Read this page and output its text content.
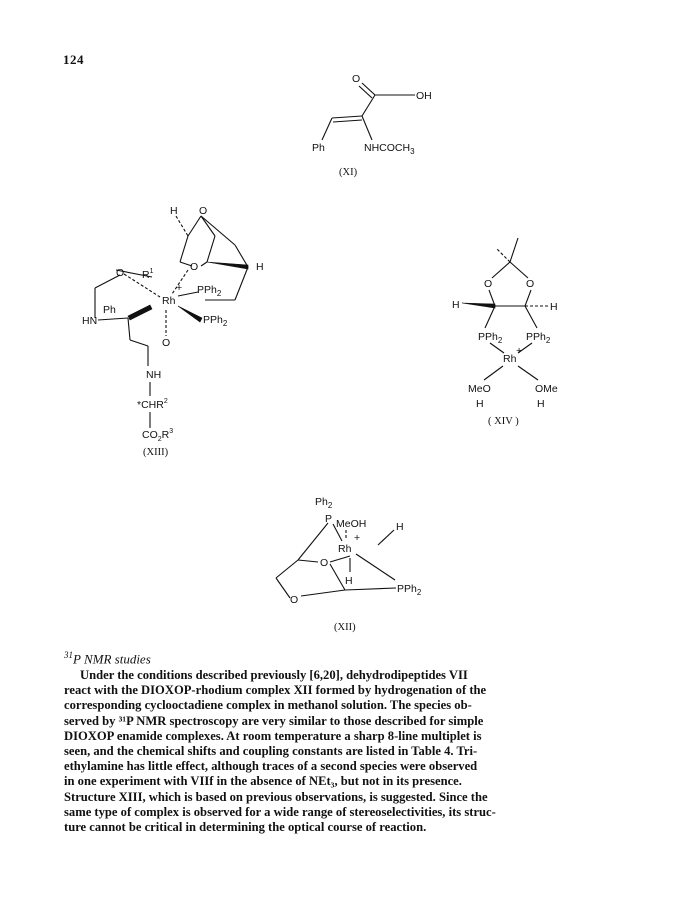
124
O
OH
Ph	$NHCOCH_3$
(XI)
H O
O	H
$R^1$
O
+ PPh$_2$
Rh
PPh$_2$
Ph
HN
O
NH
*CHR$^2$
$CO_2R^3$
(XIII)
O	O
H	H
PPh$_2$ PPh$_2$
Rh
+
MeO	OMe
H	H
( XIV )
$Ph_2$
P MeOH	H
+
Rh
O
H
PPh$_2$
O
(XII)
$^{31}$P NMR studies
Under the conditions described previously [6,20], dehydrodipeptides VII
react with the DIOXOP-rhodium complex XII formed by hydrogenation of the
corresponding cyclooctadiene complex in methanol solution. The species ob-
served by ³¹P NMR spectroscopy are very similar to those described for simple
DIOXOP enamide complexes. At room temperature a sharp 8-line multiplet is
seen, and the chemical shifts and coupling constants are listed in Table 4. Tri-
ethylamine has little effect, although traces of a second species were observed
in one experiment with VIIf in the absence of NEt₃, but not in its presence.
Structure XIII, which is based on previous observations, is suggested. Since the
same type of complex is observed for a wide range of stereoselectivities, its struc-
ture cannot be critical in determining the optical course of reaction.
